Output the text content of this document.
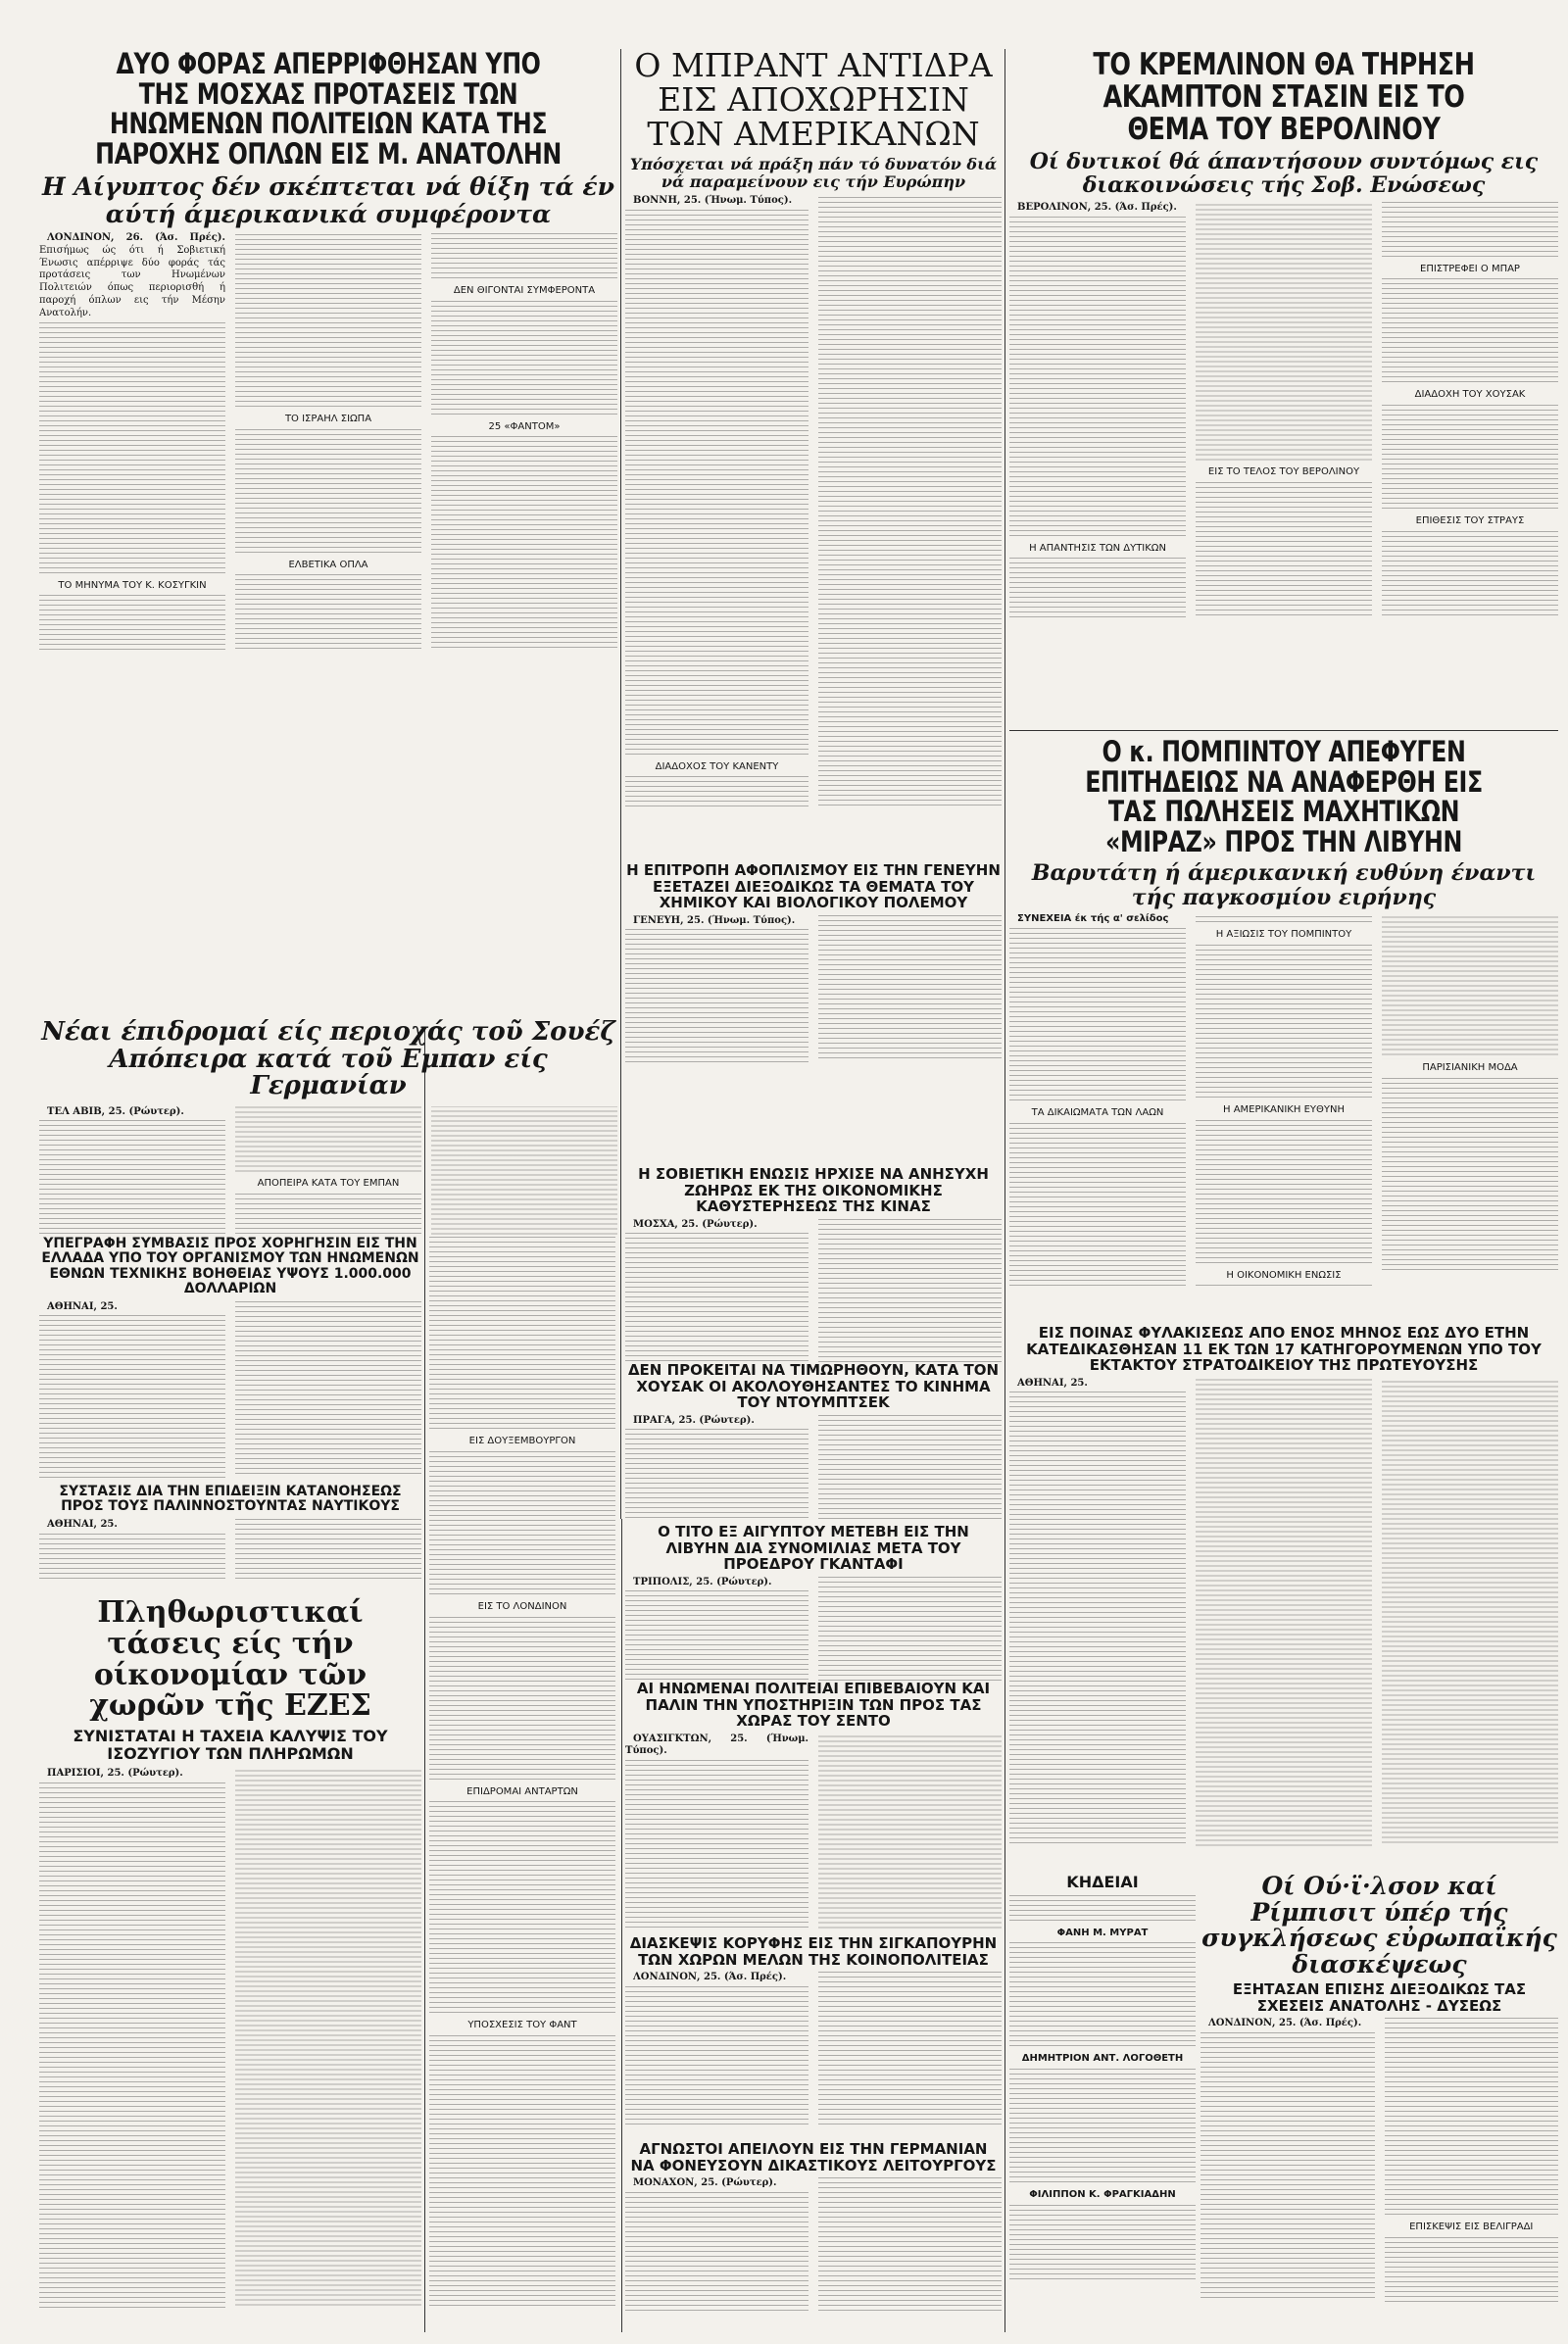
ΔΥΟ ΦΟΡΑΣ ΑΠΕΡΡΙΦΘΗΣΑΝ ΥΠΟ ΤΗΣ ΜΟΣΧΑΣ ΠΡΟΤΑΣΕΙΣ ΤΩΝ ΗΝΩΜΕΝΩΝ ΠΟΛΙΤΕΙΩΝ ΚΑΤΑ ΤΗΣ ΠΑΡΟΧΗΣ ΟΠΛΩΝ ΕΙΣ Μ. ΑΝΑΤΟΛΗΝ
Η Αίγυπτος δέν σκέπτεται νά θίξη τά έν αύτή άμερικανικά συμφέροντα

ΛΟΝΔΙΝΟΝ, 26. (Άσ. Πρές). Επισήμως ώς ότι ή Σοβιετική Ένωσις απέρριψε δύο φοράς τάς προτάσεις των Ηνωμένων Πολιτειών όπως περιορισθή ή παροχή όπλων εις τήν Μέσην Ανατολήν.

ΤΟ ΜΗΝΥΜΑ ΤΟΥ Κ. ΚΟΣΥΓΚΙΝ
ΤΟ ΙΣΡΑΗΛ ΣΙΩΠΑ
ΕΛΒΕΤΙΚΑ ΟΠΛΑ
ΔΕΝ ΘΙΓΟΝΤΑΙ ΣΥΜΦΕΡΟΝΤΑ
25 «ΦΑΝΤΟΜ»
Ο ΜΠΡΑΝΤ ΑΝΤΙΔΡΑ ΕΙΣ ΑΠΟΧΩΡΗΣΙΝ ΤΩΝ ΑΜΕΡΙΚΑΝΩΝ
Υπόσχεται νά πράξη πάν τό δυνατόν διά νά παραμείνουν εις τήν Ευρώπην

ΒΟΝΝΗ, 25. (Ήνωμ. Τύπος).

ΔΙΑΔΟΧΟΣ ΤΟΥ ΚΑΝΕΝΤΥ
ΤΟ ΚΡΕΜΛΙΝΟΝ ΘΑ ΤΗΡΗΣΗ ΑΚΑΜΠΤΟΝ ΣΤΑΣΙΝ ΕΙΣ ΤΟ ΘΕΜΑ ΤΟΥ ΒΕΡΟΛΙΝΟΥ
Οί δυτικοί θά άπαντήσουν συντόμως εις διακοινώσεις τής Σοβ. Ενώσεως

ΒΕΡΟΛΙΝΟΝ, 25. (Άσ. Πρές).

Η ΑΠΑΝΤΗΣΙΣ ΤΩΝ ΔΥΤΙΚΩΝ
ΕΙΣ ΤΟ ΤΕΛΟΣ ΤΟΥ ΒΕΡΟΛΙΝΟΥ
ΕΠΙΣΤΡΕΦΕΙ Ο ΜΠΑΡ
ΔΙΑΔΟΧΗ ΤΟΥ ΧΟΥΣΑΚ
ΕΠΙΘΕΣΙΣ ΤΟΥ ΣΤΡΑΥΣ
Ο κ. ΠΟΜΠΙΝΤΟΥ ΑΠΕΦΥΓΕΝ ΕΠΙΤΗΔΕΙΩΣ ΝΑ ΑΝΑΦΕΡΘΗ ΕΙΣ ΤΑΣ ΠΩΛΗΣΕΙΣ ΜΑΧΗΤΙΚΩΝ «ΜΙΡΑΖ» ΠΡΟΣ ΤΗΝ ΛΙΒΥΗΝ
Βαρυτάτη ή άμερικανική ευθύνη έναντι τής παγκοσμίου ειρήνης

ΣΥΝΕΧΕΙΑ έκ τής α' σελίδος

ΤΑ ΔΙΚΑΙΩΜΑΤΑ ΤΩΝ ΛΑΩΝ
Η ΑΞΙΩΣΙΣ ΤΟΥ ΠΟΜΠΙΝΤΟΥ
Η ΑΜΕΡΙΚΑΝΙΚΗ ΕΥΘΥΝΗ
Η ΟΙΚΟΝΟΜΙΚΗ ΕΝΩΣΙΣ
ΠΑΡΙΣΙΑΝΙΚΗ ΜΟΔΑ
Νέαι έπιδρομαί είς περιοχάς τοῦ Σουέζ
Απόπειρα κατά τοῦ Εμπαν είς Γερμανίαν

ΤΕΛ ΑΒΙΒ, 25. (Ρώυτερ).

ΑΠΟΠΕΙΡΑ ΚΑΤΑ ΤΟΥ ΕΜΠΑΝ
Η ΕΠΙΤΡΟΠΗ ΑΦΟΠΛΙΣΜΟΥ ΕΙΣ ΤΗΝ ΓΕΝΕΥΗΝ ΕΞΕΤΑΖΕΙ ΔΙΕΞΟΔΙΚΩΣ ΤΑ ΘΕΜΑΤΑ ΤΟΥ ΧΗΜΙΚΟΥ ΚΑΙ ΒΙΟΛΟΓΙΚΟΥ ΠΟΛΕΜΟΥ

ΓΕΝΕΥΗ, 25. (Ήνωμ. Τύπος).

Η ΣΟΒΙΕΤΙΚΗ ΕΝΩΣΙΣ ΗΡΧΙΣΕ ΝΑ ΑΝΗΣΥΧΗ ΖΩΗΡΩΣ ΕΚ ΤΗΣ ΟΙΚΟΝΟΜΙΚΗΣ ΚΑΘΥΣΤΕΡΗΣΕΩΣ ΤΗΣ ΚΙΝΑΣ

ΜΟΣΧΑ, 25. (Ρώυτερ).

ΔΕΝ ΠΡΟΚΕΙΤΑΙ ΝΑ ΤΙΜΩΡΗΘΟΥΝ, ΚΑΤΑ ΤΟΝ ΧΟΥΣΑΚ ΟΙ ΑΚΟΛΟΥΘΗΣΑΝΤΕΣ ΤΟ ΚΙΝΗΜΑ ΤΟΥ ΝΤΟΥΜΠΤΣΕΚ

ΠΡΑΓΑ, 25. (Ρώυτερ).

ΥΠΕΓΡΑΦΗ ΣΥΜΒΑΣΙΣ ΠΡΟΣ ΧΟΡΗΓΗΣΙΝ ΕΙΣ ΤΗΝ ΕΛΛΑΔΑ ΥΠΟ ΤΟΥ ΟΡΓΑΝΙΣΜΟΥ ΤΩΝ ΗΝΩΜΕΝΩΝ ΕΘΝΩΝ ΤΕΧΝΙΚΗΣ ΒΟΗΘΕΙΑΣ ΥΨΟΥΣ 1.000.000 ΔΟΛΛΑΡΙΩΝ

ΑΘΗΝΑΙ, 25.

ΕΙΣ ΔΟΥΞΕΜΒΟΥΡΓΟΝ
ΕΙΣ ΤΟ ΛΟΝΔΙΝΟΝ
ΕΠΙΔΡΟΜΑΙ ΑΝΤΑΡΤΩΝ
ΥΠΟΣΧΕΣΙΣ ΤΟΥ ΦΑΝΤ
ΣΥΣΤΑΣΙΣ ΔΙΑ ΤΗΝ ΕΠΙΔΕΙΞΙΝ ΚΑΤΑΝΟΗΣΕΩΣ ΠΡΟΣ ΤΟΥΣ ΠΑΛΙΝΝΟΣΤΟΥΝΤΑΣ ΝΑΥΤΙΚΟΥΣ

ΑΘΗΝΑΙ, 25.

Πληθωριστικαί τάσεις είς τήν οίκονομίαν τῶν χωρῶν τῆς ΕΖΕΣ
ΣΥΝΙΣΤΑΤΑΙ Η ΤΑΧΕΙΑ ΚΑΛΥΨΙΣ ΤΟΥ ΙΣΟΖΥΓΙΟΥ ΤΩΝ ΠΛΗΡΩΜΩΝ

ΠΑΡΙΣΙΟΙ, 25. (Ρώυτερ).

Ο ΤΙΤΟ ΕΞ ΑΙΓΥΠΤΟΥ ΜΕΤΕΒΗ ΕΙΣ ΤΗΝ ΛΙΒΥΗΝ ΔΙΑ ΣΥΝΟΜΙΛΙΑΣ ΜΕΤΑ ΤΟΥ ΠΡΟΕΔΡΟΥ ΓΚΑΝΤΑΦΙ

ΤΡΙΠΟΛΙΣ, 25. (Ρώυτερ).

ΑΙ ΗΝΩΜΕΝΑΙ ΠΟΛΙΤΕΙΑΙ ΕΠΙΒΕΒΑΙΟΥΝ ΚΑΙ ΠΑΛΙΝ ΤΗΝ ΥΠΟΣΤΗΡΙΞΙΝ ΤΩΝ ΠΡΟΣ ΤΑΣ ΧΩΡΑΣ ΤΟΥ ΣΕΝΤΟ

ΟΥΑΣΙΓΚΤΩΝ, 25. (Ήνωμ. Τύπος).

ΔΙΑΣΚΕΨΙΣ ΚΟΡΥΦΗΣ ΕΙΣ ΤΗΝ ΣΙΓΚΑΠΟΥΡΗΝ ΤΩΝ ΧΩΡΩΝ ΜΕΛΩΝ ΤΗΣ ΚΟΙΝΟΠΟΛΙΤΕΙΑΣ

ΛΟΝΔΙΝΟΝ, 25. (Άσ. Πρές).

ΑΓΝΩΣΤΟΙ ΑΠΕΙΛΟΥΝ ΕΙΣ ΤΗΝ ΓΕΡΜΑΝΙΑΝ ΝΑ ΦΟΝΕΥΣΟΥΝ ΔΙΚΑΣΤΙΚΟΥΣ ΛΕΙΤΟΥΡΓΟΥΣ

ΜΟΝΑΧΟΝ, 25. (Ρώυτερ).

ΕΙΣ ΠΟΙΝΑΣ ΦΥΛΑΚΙΣΕΩΣ ΑΠΟ ΕΝΟΣ ΜΗΝΟΣ ΕΩΣ ΔΥΟ ΕΤΗΝ ΚΑΤΕΔΙΚΑΣΘΗΣΑΝ 11 ΕΚ ΤΩΝ 17 ΚΑΤΗΓΟΡΟΥΜΕΝΩΝ ΥΠΟ ΤΟΥ ΕΚΤΑΚΤΟΥ ΣΤΡΑΤΟΔΙΚΕΙΟΥ ΤΗΣ ΠΡΩΤΕΥΟΥΣΗΣ

ΑΘΗΝΑΙ, 25.

ΚΗΔΕΙΑΙ
ΦΑΝΗ Μ. ΜΥΡΑΤ
ΔΗΜΗΤΡΙΟΝ ΑΝΤ. ΛΟΓΟΘΕΤΗ
ΦΙΛΙΠΠΟΝ Κ. ΦΡΑΓΚΙΑΔΗΝ
Οί Ού·ϊ·λσον καί Ρίμπισιτ ύπέρ τής συγκλήσεως εὐρωπαϊκής διασκέψεως
ΕΞΗΤΑΣΑΝ ΕΠΙΣΗΣ ΔΙΕΞΟΔΙΚΩΣ ΤΑΣ ΣΧΕΣΕΙΣ ΑΝΑΤΟΛΗΣ - ΔΥΣΕΩΣ

ΛΟΝΔΙΝΟΝ, 25. (Άσ. Πρές).

ΕΠΙΣΚΕΨΙΣ ΕΙΣ ΒΕΛΙΓΡΑΔΙ
